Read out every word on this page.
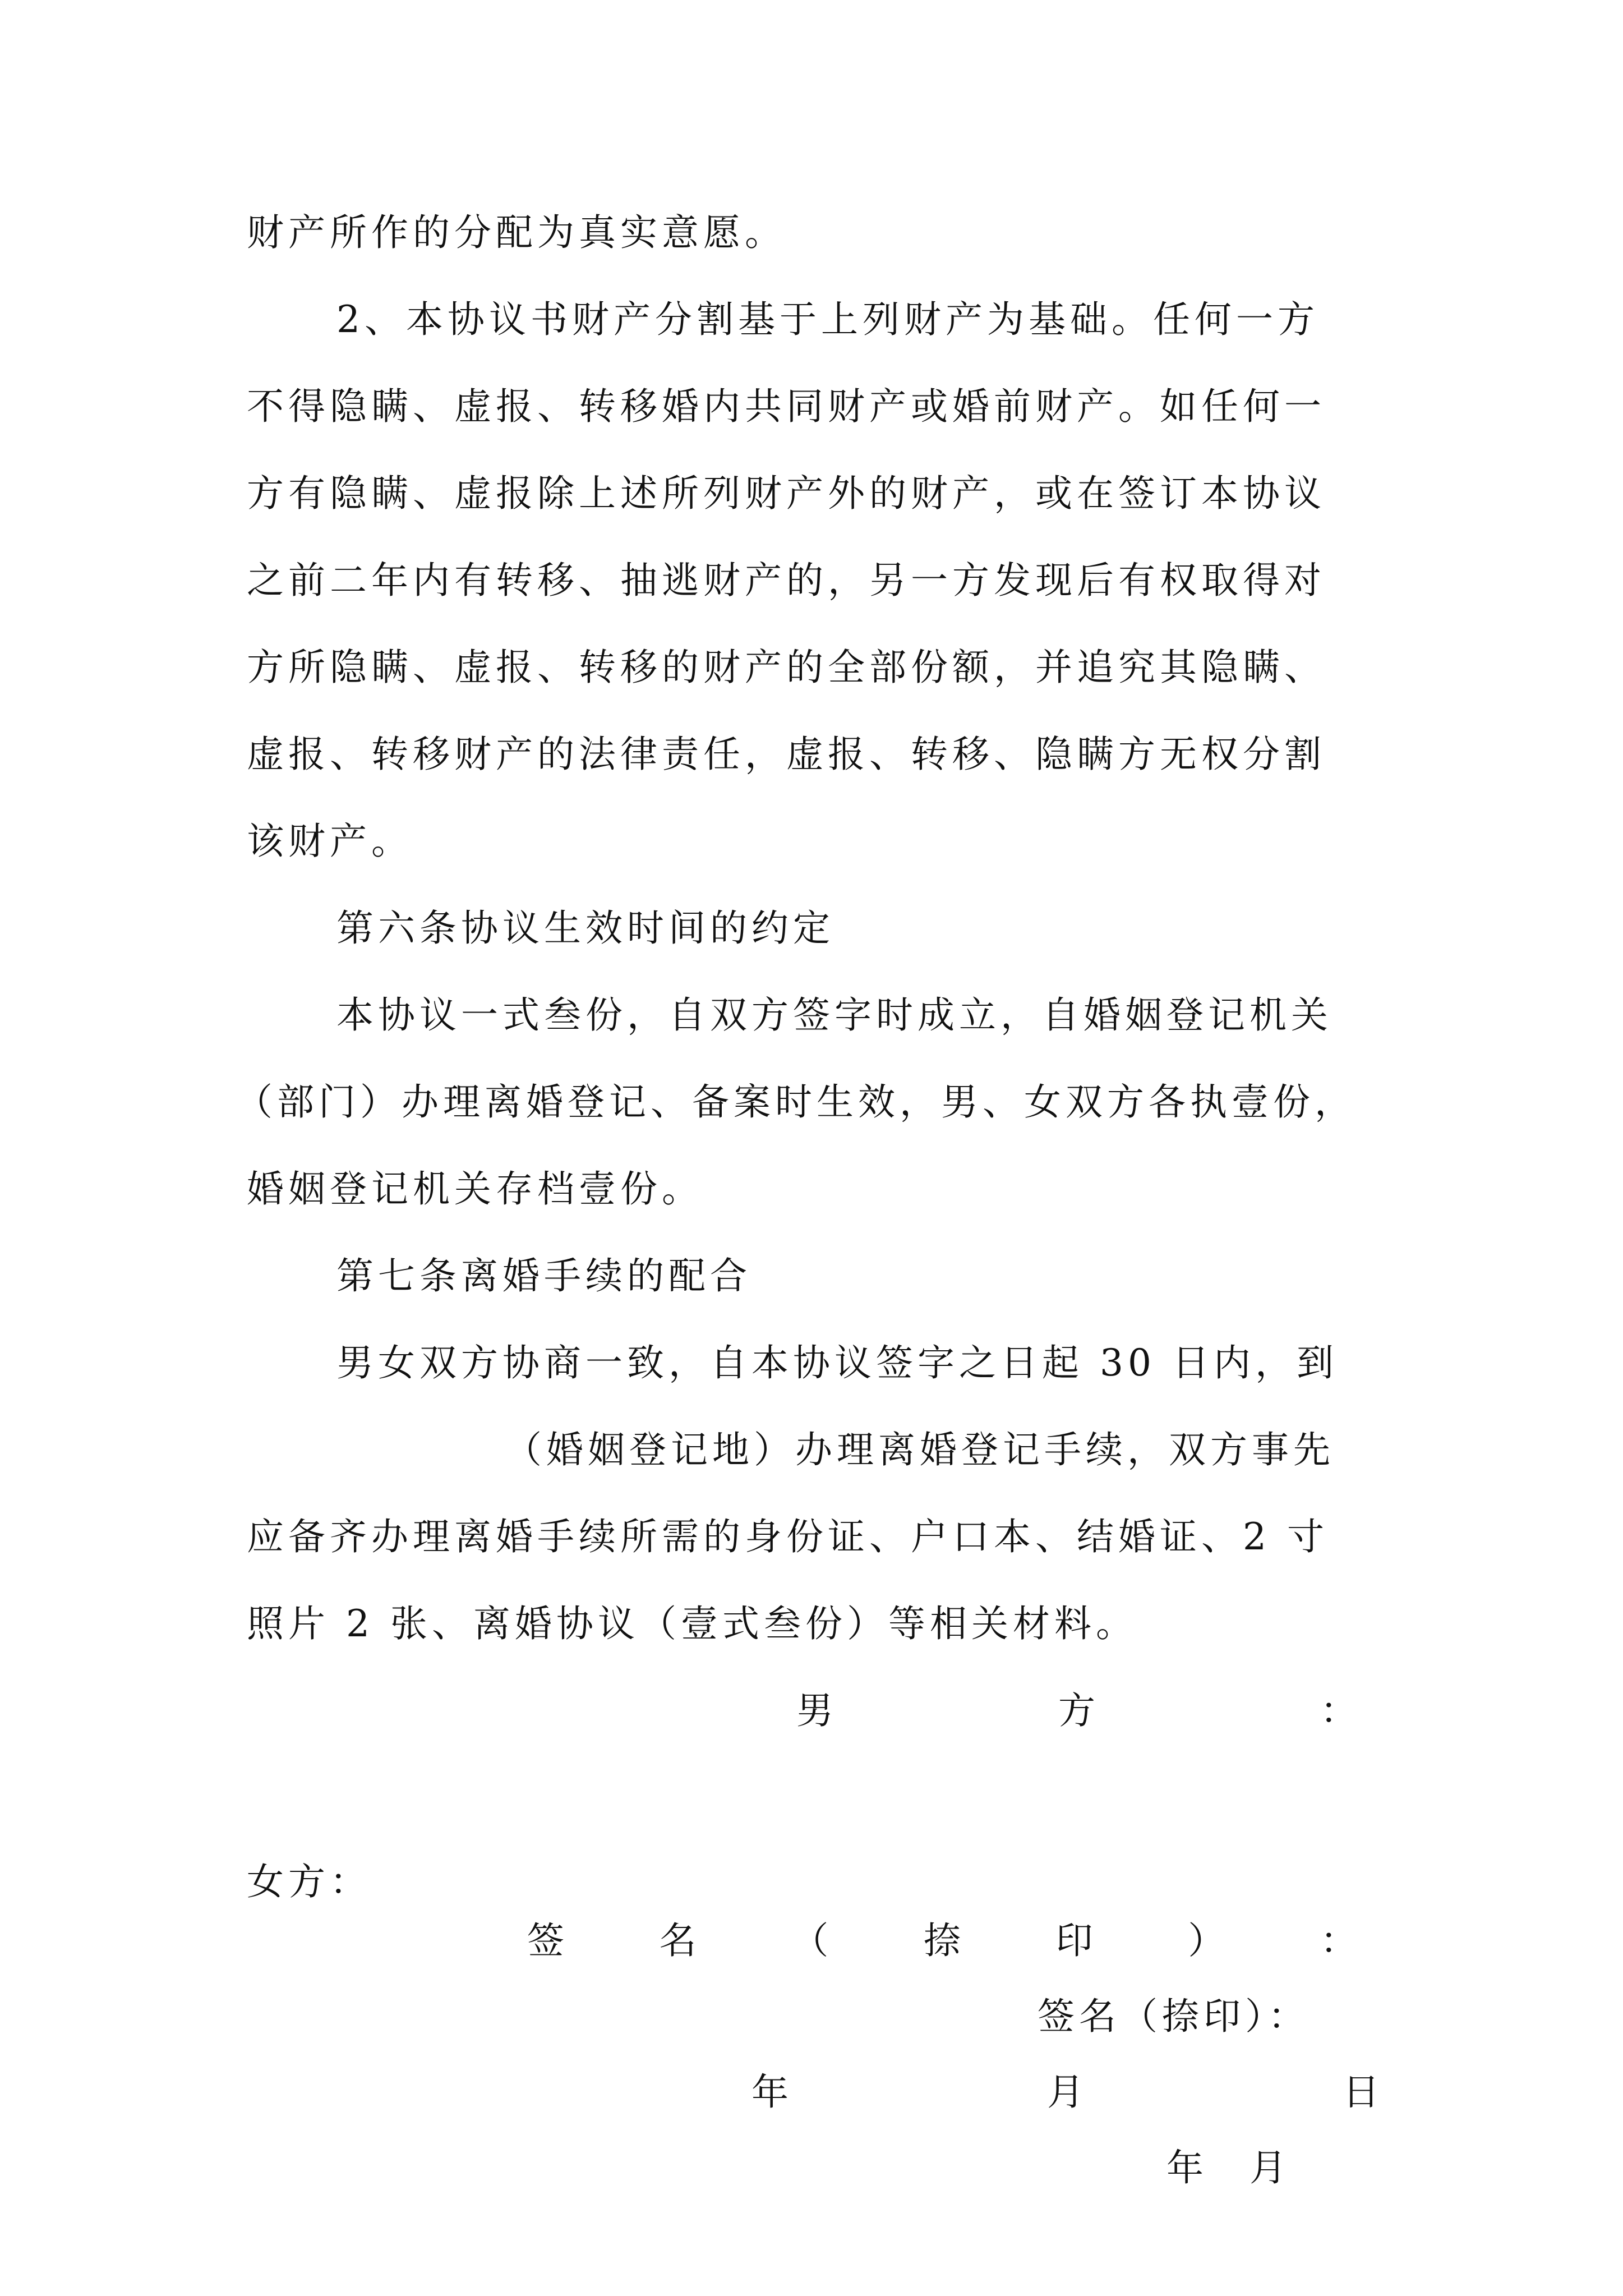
财产所作的分配为真实意愿。
2、本协议书财产分割基于上列财产为基础。任何一方
不得隐瞒、虚报、转移婚内共同财产或婚前财产。如任何一
方有隐瞒、虚报除上述所列财产外的财产，或在签订本协议
之前二年内有转移、抽逃财产的，另一方发现后有权取得对
方所隐瞒、虚报、转移的财产的全部份额，并追究其隐瞒、
虚报、转移财产的法律责任，虚报、转移、隐瞒方无权分割
该财产。
第六条协议生效时间的约定
本协议一式叁份，自双方签字时成立，自婚姻登记机关
（部门）办理离婚登记、备案时生效，男、女双方各执壹份，
婚姻登记机关存档壹份。
第七条离婚手续的配合
男女双方协商一致，自本协议签字之日起 30 日内，到
（婚姻登记地）办理离婚登记手续，双方事先
应备齐办理离婚手续所需的身份证、户口本、结婚证、2 寸
照片 2 张、离婚协议（壹式叁份）等相关材料。
男	方	：
女方：
签	名	（	捺	印	）	：
签名（捺印）：
年	月	日
年　月
